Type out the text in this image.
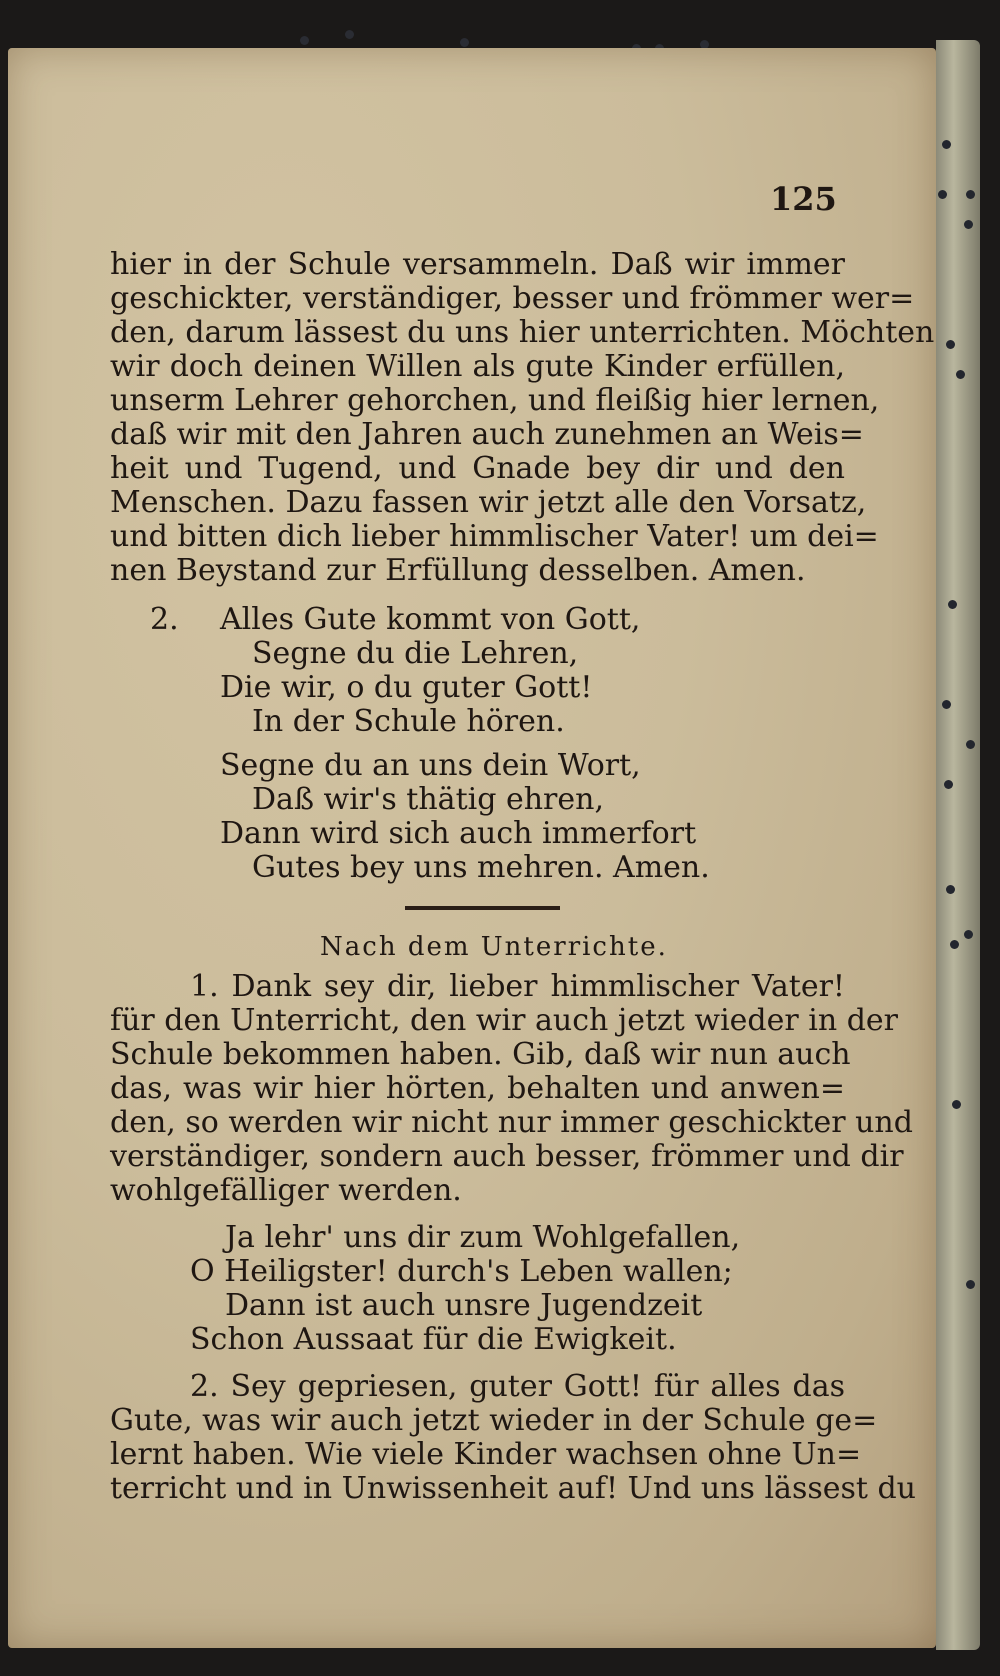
125
hier in der Schule versammeln. Daß wir immer
geschickter, verständiger, besser und frömmer wer=
den, darum lässest du uns hier unterrichten. Möchten
wir doch deinen Willen als gute Kinder erfüllen,
unserm Lehrer gehorchen, und fleißig hier lernen,
daß wir mit den Jahren auch zunehmen an Weis=
heit und Tugend, und Gnade bey dir und den
Menschen. Dazu fassen wir jetzt alle den Vorsatz,
und bitten dich lieber himmlischer Vater! um dei=
nen Beystand zur Erfüllung desselben. Amen.
2. Alles Gute kommt von Gott,
Segne du die Lehren,
Die wir, o du guter Gott!
In der Schule hören.
Segne du an uns dein Wort,
Daß wir's thätig ehren,
Dann wird sich auch immerfort
Gutes bey uns mehren. Amen.
Nach dem Unterrichte.
1. Dank sey dir, lieber himmlischer Vater!
für den Unterricht, den wir auch jetzt wieder in der
Schule bekommen haben. Gib, daß wir nun auch
das, was wir hier hörten, behalten und anwen=
den, so werden wir nicht nur immer geschickter und
verständiger, sondern auch besser, frömmer und dir
wohlgefälliger werden.
Ja lehr' uns dir zum Wohlgefallen,
O Heiligster! durch's Leben wallen;
Dann ist auch unsre Jugendzeit
Schon Aussaat für die Ewigkeit.
2. Sey gepriesen, guter Gott! für alles das
Gute, was wir auch jetzt wieder in der Schule ge=
lernt haben. Wie viele Kinder wachsen ohne Un=
terricht und in Unwissenheit auf! Und uns lässest du
